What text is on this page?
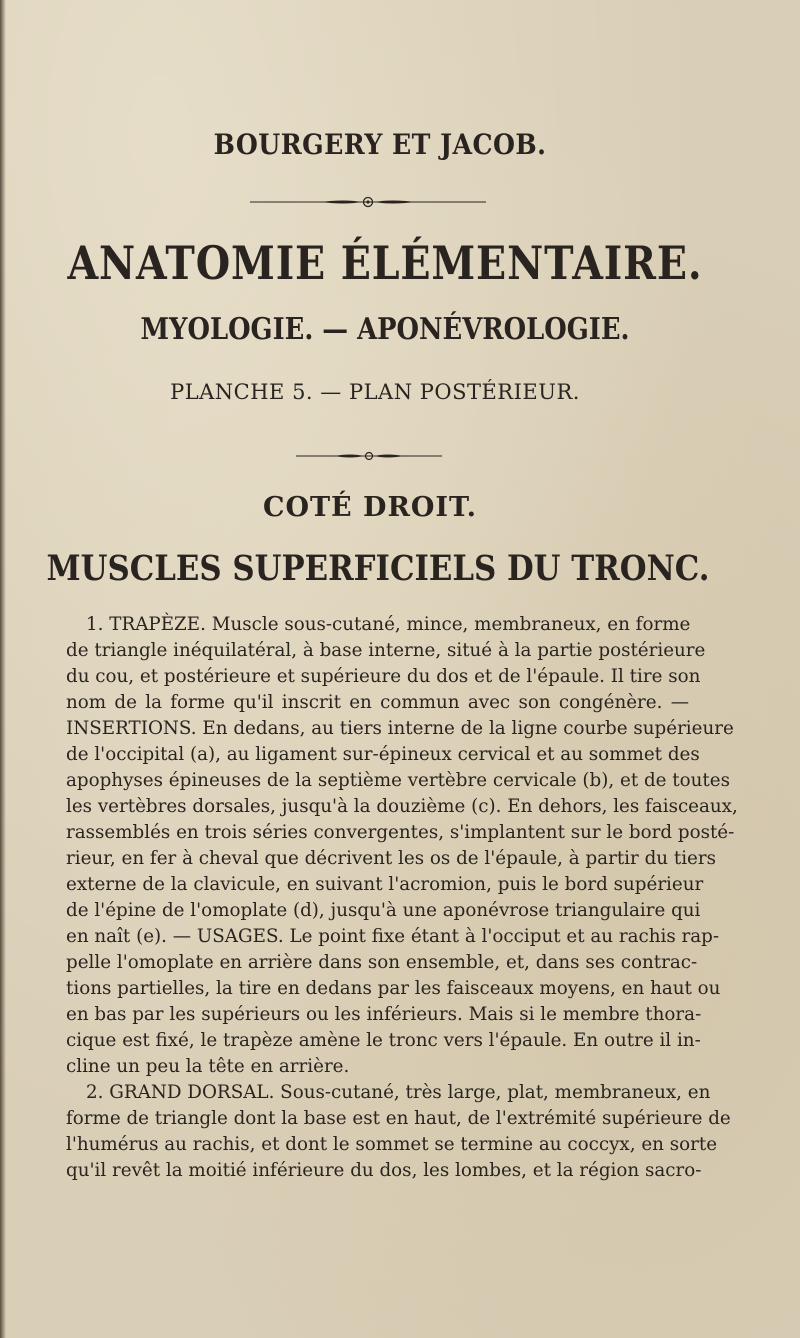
BOURGERY ET JACOB.
ANATOMIE ÉLÉMENTAIRE.
MYOLOGIE. — APONÉVROLOGIE.
PLANCHE 5. — PLAN POSTÉRIEUR.
COTÉ DROIT.
MUSCLES SUPERFICIELS DU TRONC.

1. TRAPÈZE. Muscle sous-cutané, mince, membraneux, en forme
de triangle inéquilatéral, à base interne, situé à la partie postérieure
du cou, et postérieure et supérieure du dos et de l'épaule. Il tire son
nom de la forme qu'il inscrit en commun avec son congénère. —
INSERTIONS. En dedans, au tiers interne de la ligne courbe supérieure
de l'occipital (a), au ligament sur-épineux cervical et au sommet des
apophyses épineuses de la septième vertèbre cervicale (b), et de toutes
les vertèbres dorsales, jusqu'à la douzième (c). En dehors, les faisceaux,
rassemblés en trois séries convergentes, s'implantent sur le bord posté-
rieur, en fer à cheval que décrivent les os de l'épaule, à partir du tiers
externe de la clavicule, en suivant l'acromion, puis le bord supérieur
de l'épine de l'omoplate (d), jusqu'à une aponévrose triangulaire qui
en naît (e). — USAGES. Le point fixe étant à l'occiput et au rachis rap-
pelle l'omoplate en arrière dans son ensemble, et, dans ses contrac-
tions partielles, la tire en dedans par les faisceaux moyens, en haut ou
en bas par les supérieurs ou les inférieurs. Mais si le membre thora-
cique est fixé, le trapèze amène le tronc vers l'épaule. En outre il in-
cline un peu la tête en arrière.

2. GRAND DORSAL. Sous-cutané, très large, plat, membraneux, en
forme de triangle dont la base est en haut, de l'extrémité supérieure de
l'humérus au rachis, et dont le sommet se termine au coccyx, en sorte
qu'il revêt la moitié inférieure du dos, les lombes, et la région sacro-
